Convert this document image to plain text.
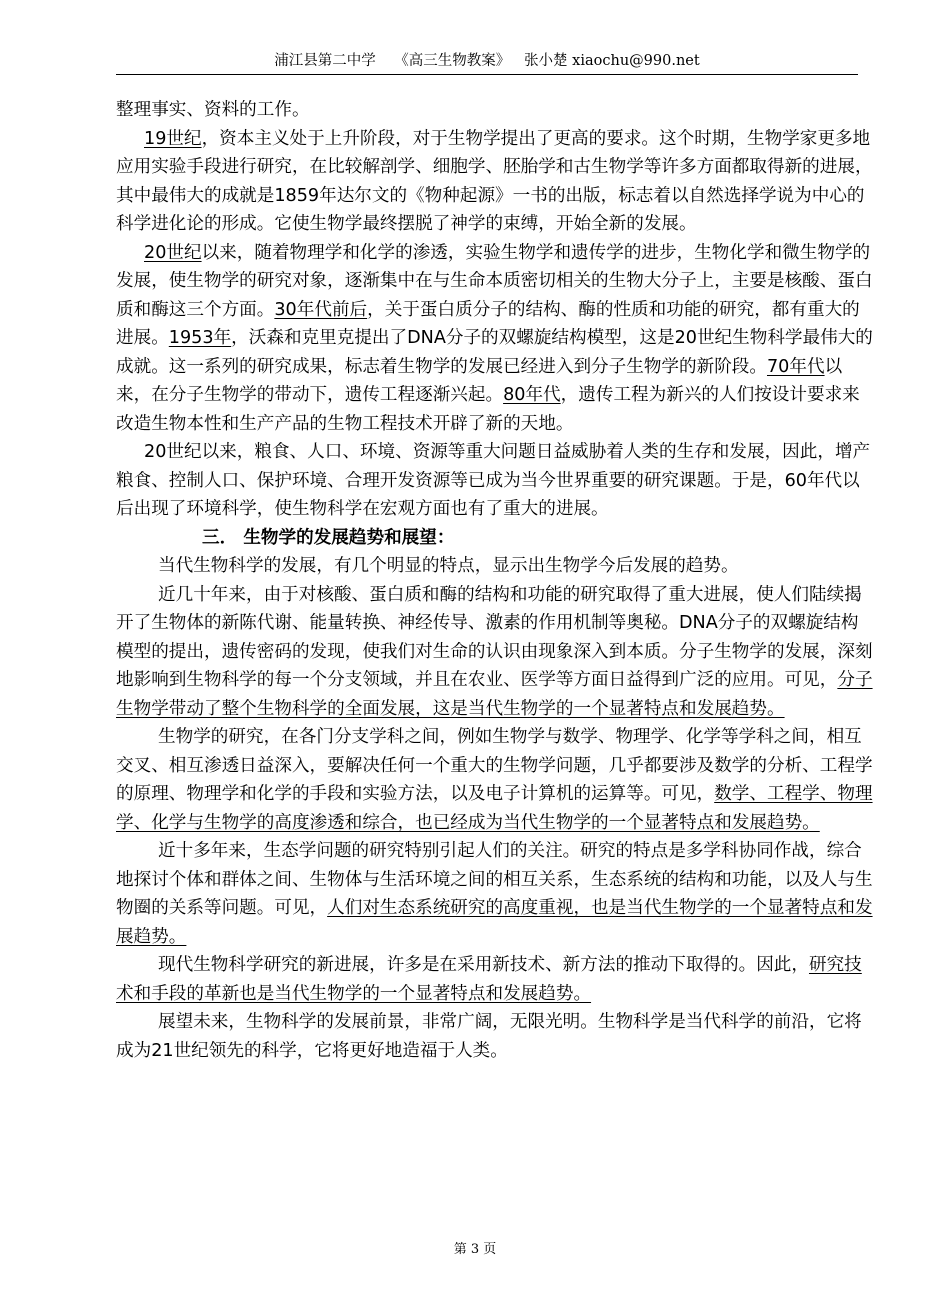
浦江县第二中学 《高三生物教案》 张小楚 xiaochu@990.net

整理事实、资料的工作。

19世纪，资本主义处于上升阶段，对于生物学提出了更高的要求。这个时期，生物学家更多地应用实验手段进行研究，在比较解剖学、细胞学、胚胎学和古生物学等许多方面都取得新的进展，其中最伟大的成就是1859年达尔文的《物种起源》一书的出版，标志着以自然选择学说为中心的科学进化论的形成。它使生物学最终摆脱了神学的束缚，开始全新的发展。

20世纪以来，随着物理学和化学的渗透，实验生物学和遗传学的进步，生物化学和微生物学的发展，使生物学的研究对象，逐渐集中在与生命本质密切相关的生物大分子上，主要是核酸、蛋白质和酶这三个方面。30年代前后，关于蛋白质分子的结构、酶的性质和功能的研究，都有重大的进展。1953年，沃森和克里克提出了DNA分子的双螺旋结构模型，这是20世纪生物科学最伟大的成就。这一系列的研究成果，标志着生物学的发展已经进入到分子生物学的新阶段。70年代以来，在分子生物学的带动下，遗传工程逐渐兴起。80年代，遗传工程为新兴的人们按设计要求来改造生物本性和生产产品的生物工程技术开辟了新的天地。

20世纪以来，粮食、人口、环境、资源等重大问题日益威胁着人类的生存和发展，因此，增产粮食、控制人口、保护环境、合理开发资源等已成为当今世界重要的研究课题。于是，60年代以后出现了环境科学，使生物科学在宏观方面也有了重大的进展。

三． 生物学的发展趋势和展望：

当代生物科学的发展，有几个明显的特点，显示出生物学今后发展的趋势。

近几十年来，由于对核酸、蛋白质和酶的结构和功能的研究取得了重大进展，使人们陆续揭开了生物体的新陈代谢、能量转换、神经传导、激素的作用机制等奥秘。DNA分子的双螺旋结构模型的提出，遗传密码的发现，使我们对生命的认识由现象深入到本质。分子生物学的发展，深刻地影响到生物科学的每一个分支领域，并且在农业、医学等方面日益得到广泛的应用。可见，分子生物学带动了整个生物科学的全面发展，这是当代生物学的一个显著特点和发展趋势。

生物学的研究，在各门分支学科之间，例如生物学与数学、物理学、化学等学科之间，相互交叉、相互渗透日益深入，要解决任何一个重大的生物学问题，几乎都要涉及数学的分析、工程学的原理、物理学和化学的手段和实验方法，以及电子计算机的运算等。可见，数学、工程学、物理学、化学与生物学的高度渗透和综合，也已经成为当代生物学的一个显著特点和发展趋势。

近十多年来，生态学问题的研究特别引起人们的关注。研究的特点是多学科协同作战，综合地探讨个体和群体之间、生物体与生活环境之间的相互关系，生态系统的结构和功能，以及人与生物圈的关系等问题。可见，人们对生态系统研究的高度重视，也是当代生物学的一个显著特点和发展趋势。

现代生物科学研究的新进展，许多是在采用新技术、新方法的推动下取得的。因此，研究技术和手段的革新也是当代生物学的一个显著特点和发展趋势。

展望未来，生物科学的发展前景，非常广阔，无限光明。生物科学是当代科学的前沿，它将成为21世纪领先的科学，它将更好地造福于人类。

第 3 页
